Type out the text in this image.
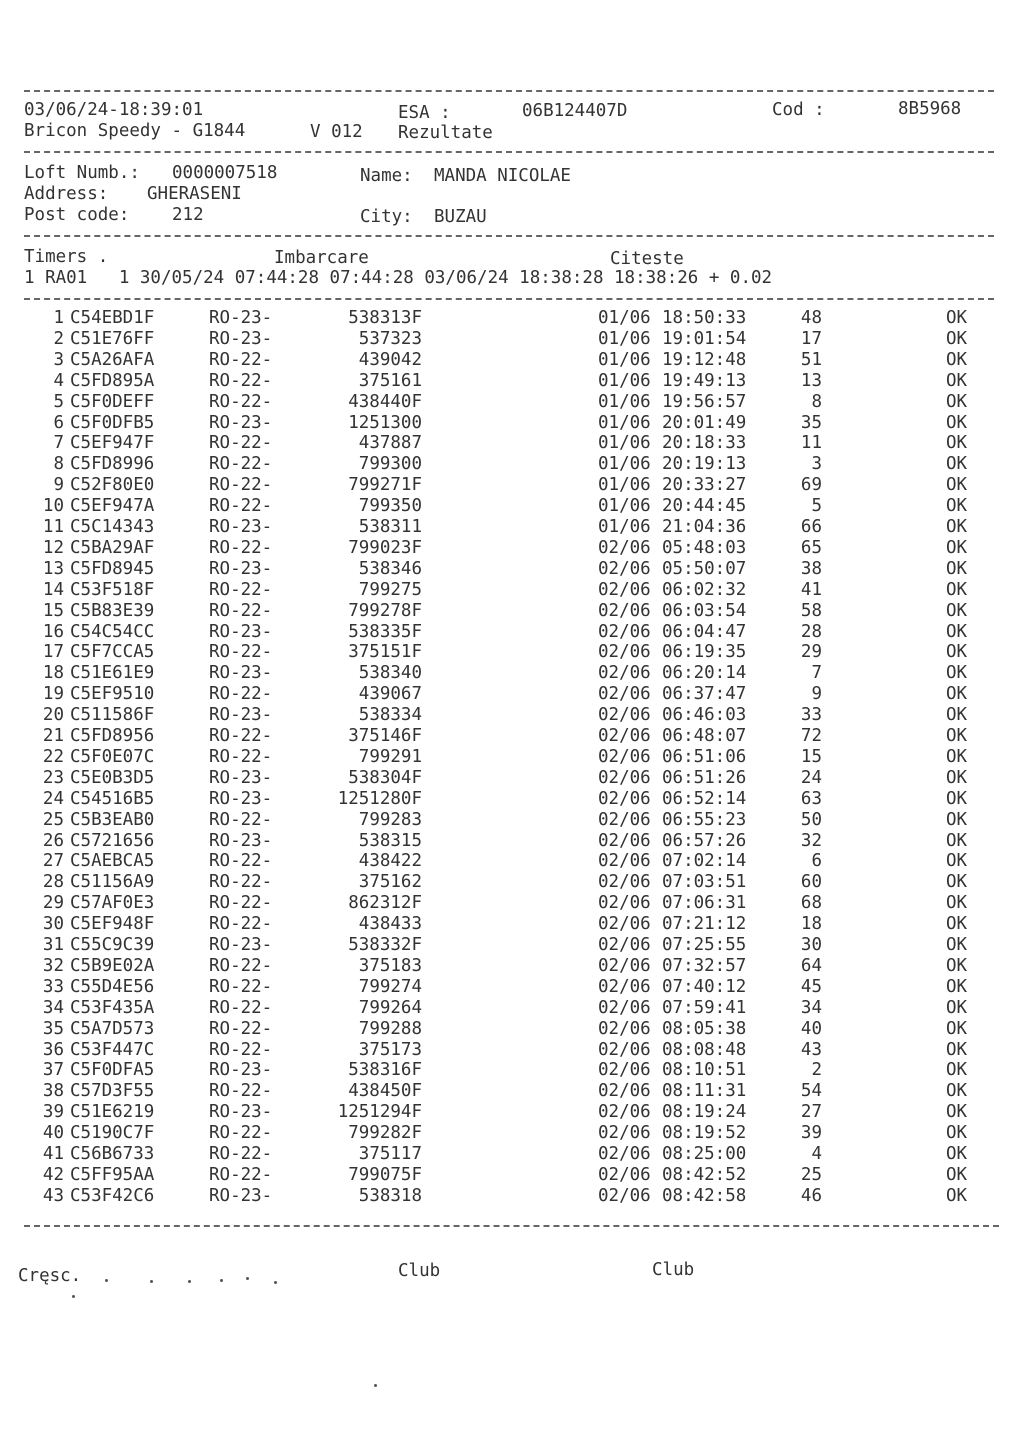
03/06/24-18:39:01	ESA :	06B124407D	Cod :	8B5968
Bricon Speedy - G1844	V 012 Rezultate
Loft Numb.: 0000007518	Name: MANDA NICOLAE
Address: GHERASENI
Post code: 212	City: BUZAU
Timers .	Imbarcare	Citeste
1 RA01   1 30/05/24 07:44:28 07:44:28 03/06/24 18:38:28 18:38:26 + 0.02
1 C54EBD1F	RO-23-	538313F	01/06 18:50:33	48	OK
2 C51E76FF	RO-23-	537323	01/06 19:01:54	17	OK
3 C5A26AFA	RO-22-	439042	01/06 19:12:48	51	OK
4 C5FD895A	RO-22-	375161	01/06 19:49:13	13	OK
5 C5F0DEFF	RO-22-	438440F	01/06 19:56:57	8	OK
6 C5F0DFB5	RO-23-	1251300	01/06 20:01:49	35	OK
7 C5EF947F	RO-22-	437887	01/06 20:18:33	11	OK
8 C5FD8996	RO-22-	799300	01/06 20:19:13	3	OK
9 C52F80E0	RO-22-	799271F	01/06 20:33:27	69	OK
10 C5EF947A	RO-22-	799350	01/06 20:44:45	5	OK
11 C5C14343	RO-23-	538311	01/06 21:04:36	66	OK
12 C5BA29AF	RO-22-	799023F	02/06 05:48:03	65	OK
13 C5FD8945	RO-23-	538346	02/06 05:50:07	38	OK
14 C53F518F	RO-22-	799275	02/06 06:02:32	41	OK
15 C5B83E39	RO-22-	799278F	02/06 06:03:54	58	OK
16 C54C54CC	RO-23-	538335F	02/06 06:04:47	28	OK
17 C5F7CCA5	RO-22-	375151F	02/06 06:19:35	29	OK
18 C51E61E9	RO-23-	538340	02/06 06:20:14	7	OK
19 C5EF9510	RO-22-	439067	02/06 06:37:47	9	OK
20 C511586F	RO-23-	538334	02/06 06:46:03	33	OK
21 C5FD8956	RO-22-	375146F	02/06 06:48:07	72	OK
22 C5F0E07C	RO-22-	799291	02/06 06:51:06	15	OK
23 C5E0B3D5	RO-23-	538304F	02/06 06:51:26	24	OK
24 C54516B5	RO-23-	1251280F	02/06 06:52:14	63	OK
25 C5B3EAB0	RO-22-	799283	02/06 06:55:23	50	OK
26 C5721656	RO-23-	538315	02/06 06:57:26	32	OK
27 C5AEBCA5	RO-22-	438422	02/06 07:02:14	6	OK
28 C51156A9	RO-22-	375162	02/06 07:03:51	60	OK
29 C57AF0E3	RO-22-	862312F	02/06 07:06:31	68	OK
30 C5EF948F	RO-22-	438433	02/06 07:21:12	18	OK
31 C55C9C39	RO-23-	538332F	02/06 07:25:55	30	OK
32 C5B9E02A	RO-22-	375183	02/06 07:32:57	64	OK
33 C55D4E56	RO-22-	799274	02/06 07:40:12	45	OK
34 C53F435A	RO-22-	799264	02/06 07:59:41	34	OK
35 C5A7D573	RO-22-	799288	02/06 08:05:38	40	OK
36 C53F447C	RO-22-	375173	02/06 08:08:48	43	OK
37 C5F0DFA5	RO-23-	538316F	02/06 08:10:51	2	OK
38 C57D3F55	RO-22-	438450F	02/06 08:11:31	54	OK
39 C51E6219	RO-23-	1251294F	02/06 08:19:24	27	OK
40 C5190C7F	RO-22-	799282F	02/06 08:19:52	39	OK
41 C56B6733	RO-22-	375117	02/06 08:25:00	4	OK
42 C5FF95AA	RO-22-	799075F	02/06 08:42:52	25	OK
43 C53F42C6	RO-23-	538318	02/06 08:42:58	46	OK
Cręsc.	Club	Club
